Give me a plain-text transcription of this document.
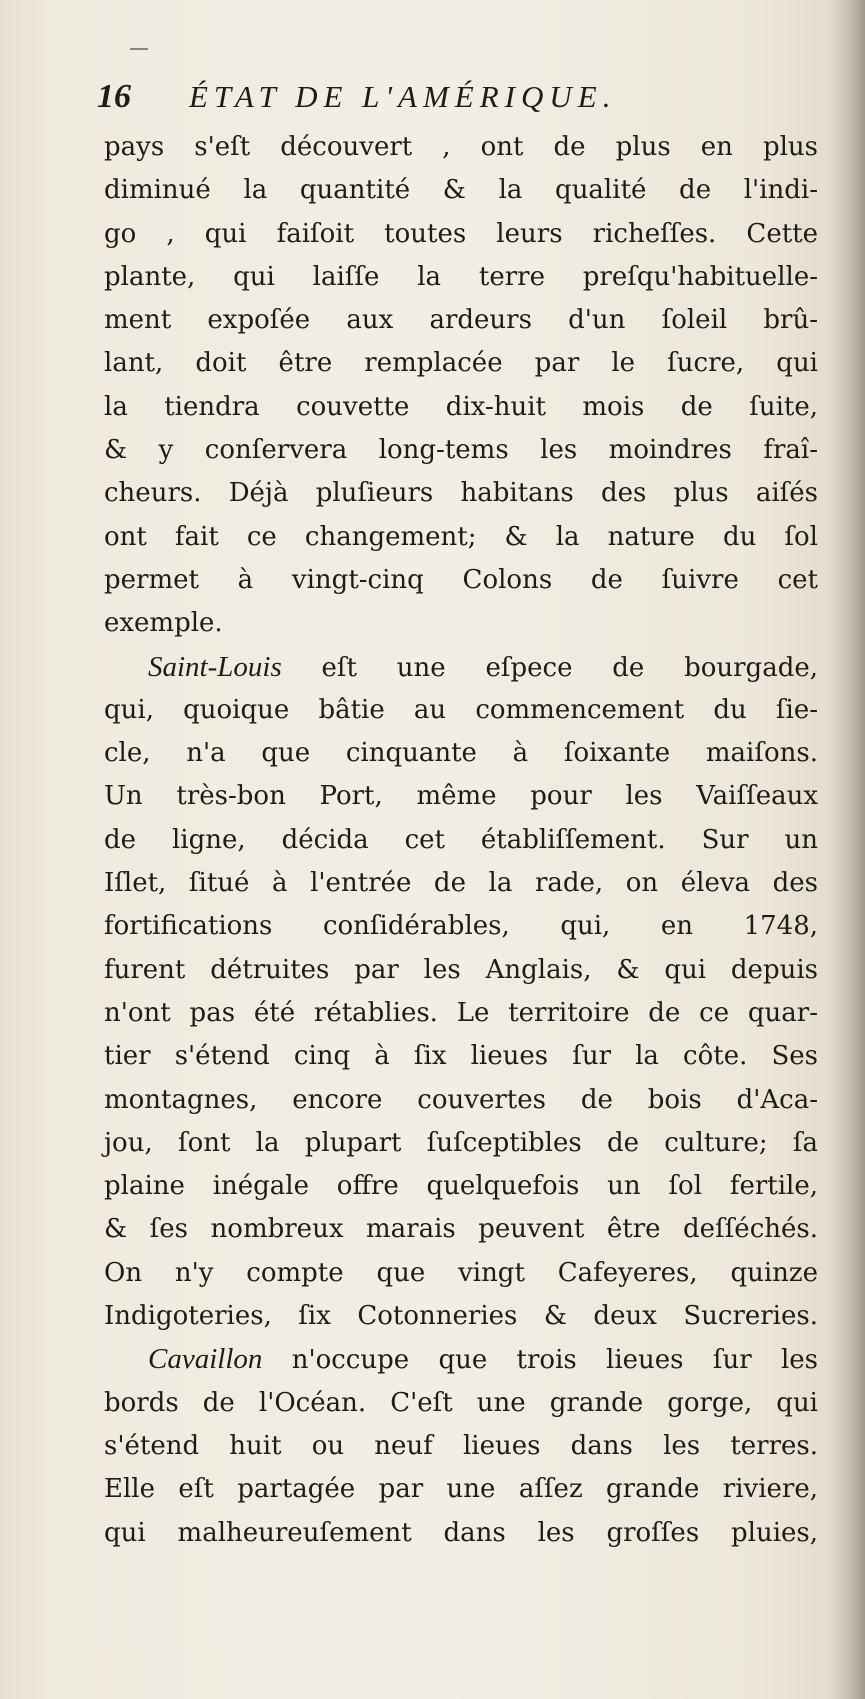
16 ÉTAT DE L'AMÉRIQUE.
pays s'eſt découvert , ont de plus en plus
diminué la quantité & la qualité de l'indi-
go , qui faiſoit toutes leurs richeſſes. Cette
plante, qui laiſſe la terre preſqu'habituelle-
ment expoſée aux ardeurs d'un ſoleil brû-
lant, doit être remplacée par le ſucre, qui
la tiendra couvette dix-huit mois de ſuite,
& y conſervera long-tems les moindres fraî-
cheurs. Déjà pluſieurs habitans des plus aiſés
ont fait ce changement; & la nature du ſol
permet à vingt-cinq Colons de ſuivre cet
exemple.
Saint-Louis eſt une eſpece de bourgade,
qui, quoique bâtie au commencement du ſie-
cle, n'a que cinquante à ſoixante maiſons.
Un très-bon Port, même pour les Vaiſſeaux
de ligne, décida cet établiſſement. Sur un
Iſlet, ſitué à l'entrée de la rade, on éleva des
fortifications conſidérables, qui, en 1748,
furent détruites par les Anglais, & qui depuis
n'ont pas été rétablies. Le territoire de ce quar-
tier s'étend cinq à ſix lieues ſur la côte. Ses
montagnes, encore couvertes de bois d'Aca-
jou, ſont la plupart ſuſceptibles de culture; ſa
plaine inégale offre quelquefois un ſol fertile,
& ſes nombreux marais peuvent être deſſéchés.
On n'y compte que vingt Cafeyeres, quinze
Indigoteries, ſix Cotonneries & deux Sucreries.
Cavaillon n'occupe que trois lieues ſur les
bords de l'Océan. C'eſt une grande gorge, qui
s'étend huit ou neuf lieues dans les terres.
Elle eſt partagée par une aſſez grande riviere,
qui malheureuſement dans les groſſes pluies,
